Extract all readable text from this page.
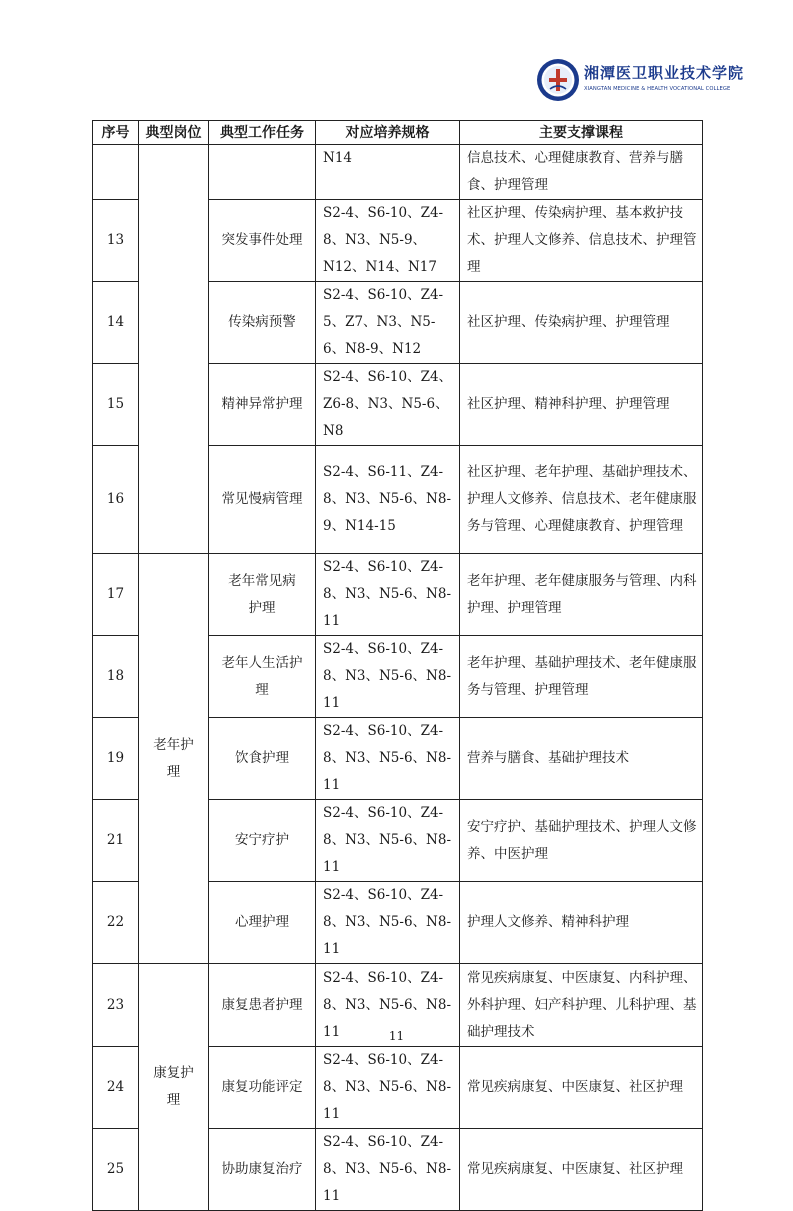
湘潭医卫职业技术学院
XIANGTAN MEDICINE & HEALTH VOCATIONAL COLLEGE
序号	典型岗位	典型工作任务	对应培养规格	主要支撑课程
			N14	信息技术、心理健康教育、营养与膳食、护理管理
13		突发事件处理	S2-4、S6-10、Z4-8、N3、N5-9、N12、N14、N17	社区护理、传染病护理、基本救护技术、护理人文修养、信息技术、护理管理
14		传染病预警	S2-4、S6-10、Z4-5、Z7、N3、N5-6、N8-9、N12	社区护理、传染病护理、护理管理
15		精神异常护理	S2-4、S6-10、Z4、Z6-8、N3、N5-6、N8	社区护理、精神科护理、护理管理
16		常见慢病管理	S2-4、S6-11、Z4-8、N3、N5-6、N8-9、N14-15	社区护理、老年护理、基础护理技术、护理人文修养、信息技术、老年健康服务与管理、心理健康教育、护理管理
17	老年护理	老年常见病护理	S2-4、S6-10、Z4-8、N3、N5-6、N8-11	老年护理、老年健康服务与管理、内科护理、护理管理
18		老年人生活护理	S2-4、S6-10、Z4-8、N3、N5-6、N8-11	老年护理、基础护理技术、老年健康服务与管理、护理管理
19		饮食护理	S2-4、S6-10、Z4-8、N3、N5-6、N8-11	营养与膳食、基础护理技术
21		安宁疗护	S2-4、S6-10、Z4-8、N3、N5-6、N8-11	安宁疗护、基础护理技术、护理人文修养、中医护理
22		心理护理	S2-4、S6-10、Z4-8、N3、N5-6、N8-11	护理人文修养、精神科护理
23	康复护理	康复患者护理	S2-4、S6-10、Z4-8、N3、N5-6、N8-11	常见疾病康复、中医康复、内科护理、外科护理、妇产科护理、儿科护理、基础护理技术
24		康复功能评定	S2-4、S6-10、Z4-8、N3、N5-6、N8-11	常见疾病康复、中医康复、社区护理
25		协助康复治疗	S2-4、S6-10、Z4-8、N3、N5-6、N8-11	常见疾病康复、中医康复、社区护理
11
